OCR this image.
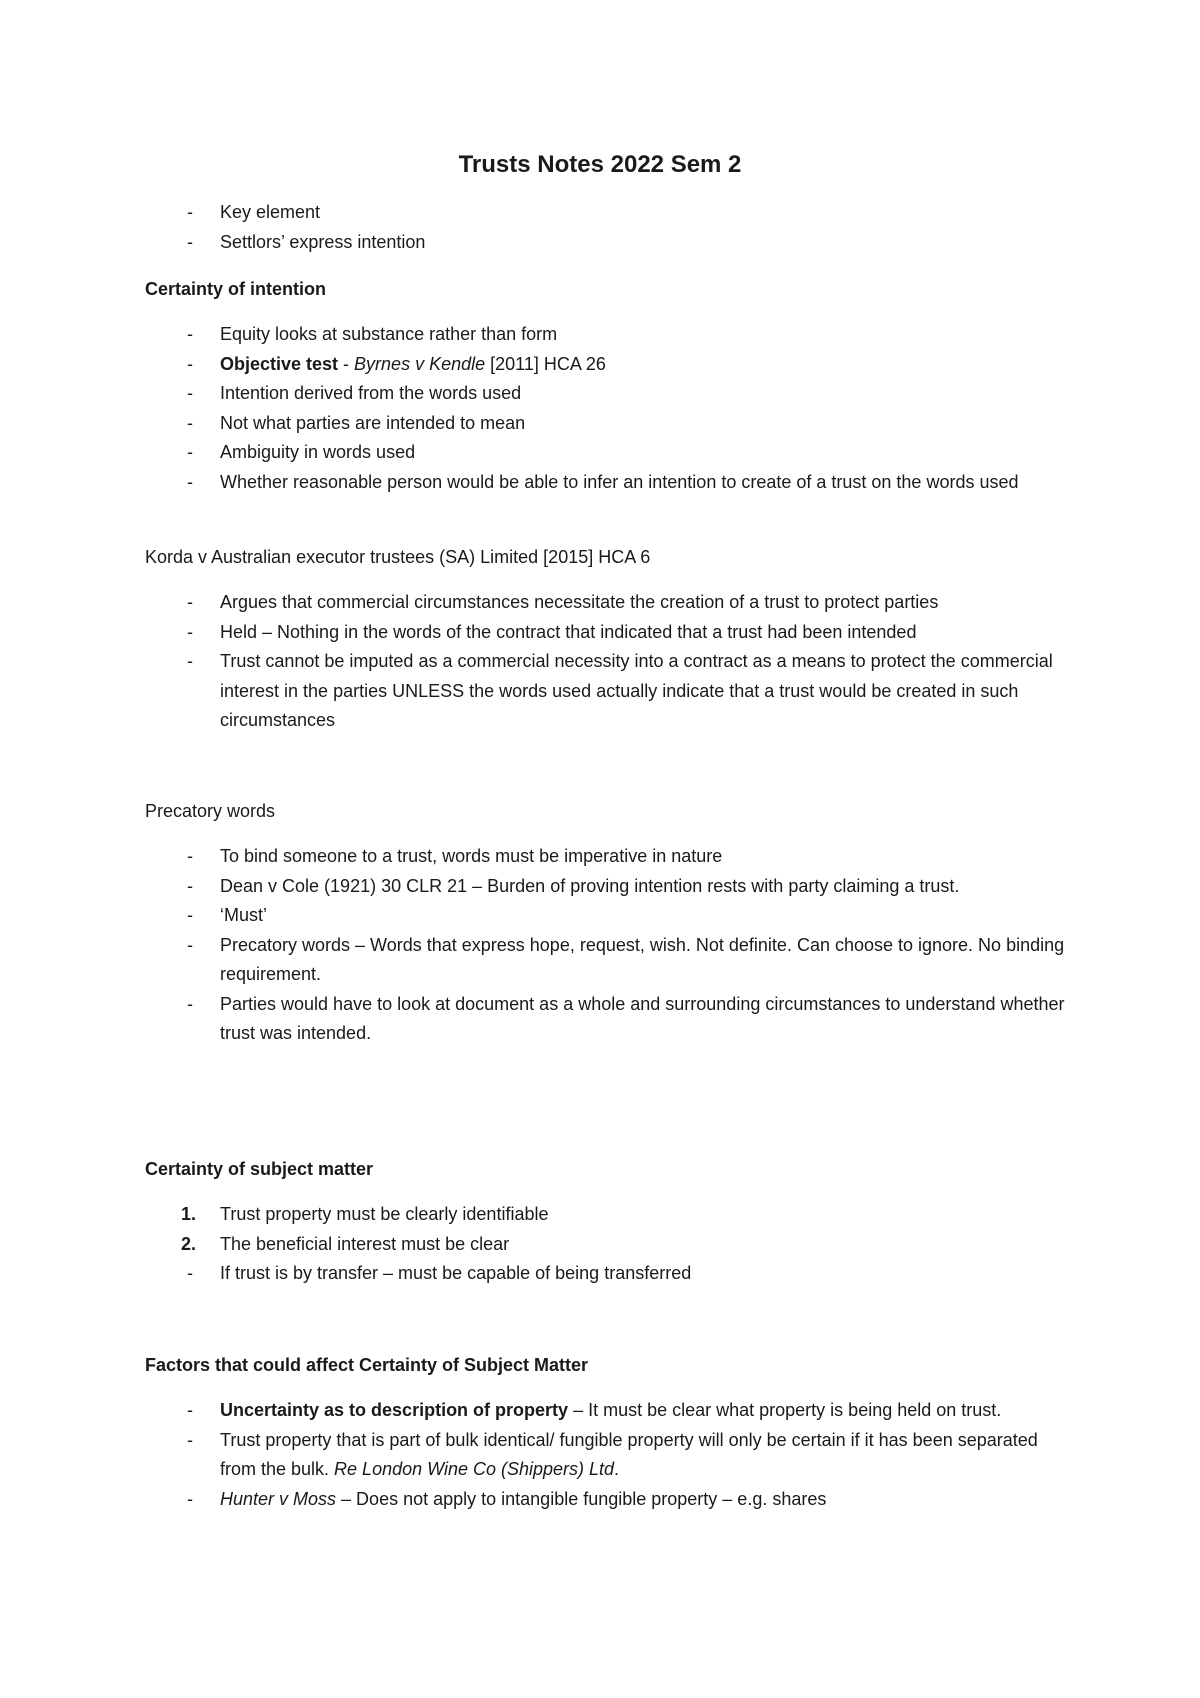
Trusts Notes 2022 Sem 2
-	Key element
-	Settlors’ express intention

Certainty of intention

-	Equity looks at substance rather than form
-	Objective test - Byrnes v Kendle [2011] HCA 26
-	Intention derived from the words used
-	Not what parties are intended to mean
-	Ambiguity in words used
-	Whether reasonable person would be able to infer an intention to create of a trust on the words used

Korda v Australian executor trustees (SA) Limited [2015] HCA 6

-	Argues that commercial circumstances necessitate the creation of a trust to protect parties
-	Held – Nothing in the words of the contract that indicated that a trust had been intended
-	Trust cannot be imputed as a commercial necessity into a contract as a means to protect the commercial interest in the parties UNLESS the words used actually indicate that a trust would be created in such circumstances

Precatory words

-	To bind someone to a trust, words must be imperative in nature
-	Dean v Cole (1921) 30 CLR 21 – Burden of proving intention rests with party claiming a trust.
-	‘Must’
-	Precatory words – Words that express hope, request, wish. Not definite. Can choose to ignore. No binding requirement.
-	Parties would have to look at document as a whole and surrounding circumstances to understand whether trust was intended.

Certainty of subject matter

1. Trust property must be clearly identifiable
2. The beneficial interest must be clear
-	If trust is by transfer – must be capable of being transferred

Factors that could affect Certainty of Subject Matter

-	Uncertainty as to description of property – It must be clear what property is being held on trust.
-	Trust property that is part of bulk identical/ fungible property will only be certain if it has been separated from the bulk. Re London Wine Co (Shippers) Ltd.
-	Hunter v Moss – Does not apply to intangible fungible property – e.g. shares
